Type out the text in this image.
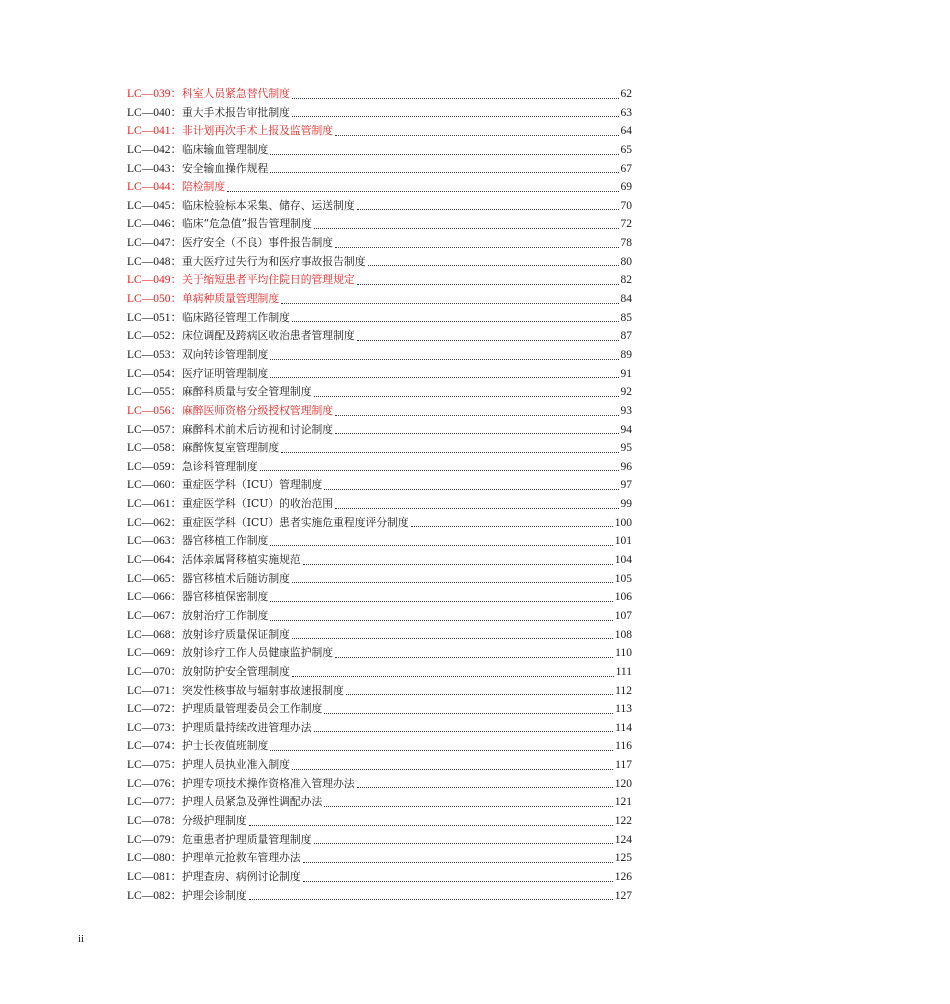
LC—039： 科室人员紧急替代制度	62
LC—040： 重大手术报告审批制度	63
LC—041： 非计划再次手术上报及监管制度	64
LC—042： 临床输血管理制度	65
LC—043： 安全输血操作规程	67
LC—044： 陪检制度	69
LC—045： 临床检验标本采集、储存、运送制度	70
LC—046： 临床“危急值”报告管理制度	72
LC—047： 医疗安全（不良）事件报告制度	78
LC—048： 重大医疗过失行为和医疗事故报告制度	80
LC—049： 关于缩短患者平均住院日的管理规定	82
LC—050： 单病种质量管理制度	84
LC—051： 临床路径管理工作制度	85
LC—052： 床位调配及跨病区收治患者管理制度	87
LC—053： 双向转诊管理制度	89
LC—054： 医疗证明管理制度	91
LC—055： 麻醉科质量与安全管理制度	92
LC—056： 麻醉医师资格分级授权管理制度	93
LC—057： 麻醉科术前术后访视和讨论制度	94
LC—058： 麻醉恢复室管理制度	95
LC—059： 急诊科管理制度	96
LC—060： 重症医学科（ICU）管理制度	97
LC—061： 重症医学科（ICU）的收治范围	99
LC—062： 重症医学科（ICU）患者实施危重程度评分制度	100
LC—063： 器官移植工作制度	101
LC—064： 活体亲属肾移植实施规范	104
LC—065： 器官移植术后随访制度	105
LC—066： 器官移植保密制度	106
LC—067： 放射治疗工作制度	107
LC—068： 放射诊疗质量保证制度	108
LC—069： 放射诊疗工作人员健康监护制度	110
LC—070： 放射防护安全管理制度	111
LC—071： 突发性核事故与辐射事故速报制度	112
LC—072： 护理质量管理委员会工作制度	113
LC—073： 护理质量持续改进管理办法	114
LC—074： 护士长夜值班制度	116
LC—075： 护理人员执业准入制度	117
LC—076： 护理专项技术操作资格准入管理办法	120
LC—077： 护理人员紧急及弹性调配办法	121
LC—078： 分级护理制度	122
LC—079： 危重患者护理质量管理制度	124
LC—080： 护理单元抢救车管理办法	125
LC—081： 护理查房、病例讨论制度	126
LC—082： 护理会诊制度	127
ii
